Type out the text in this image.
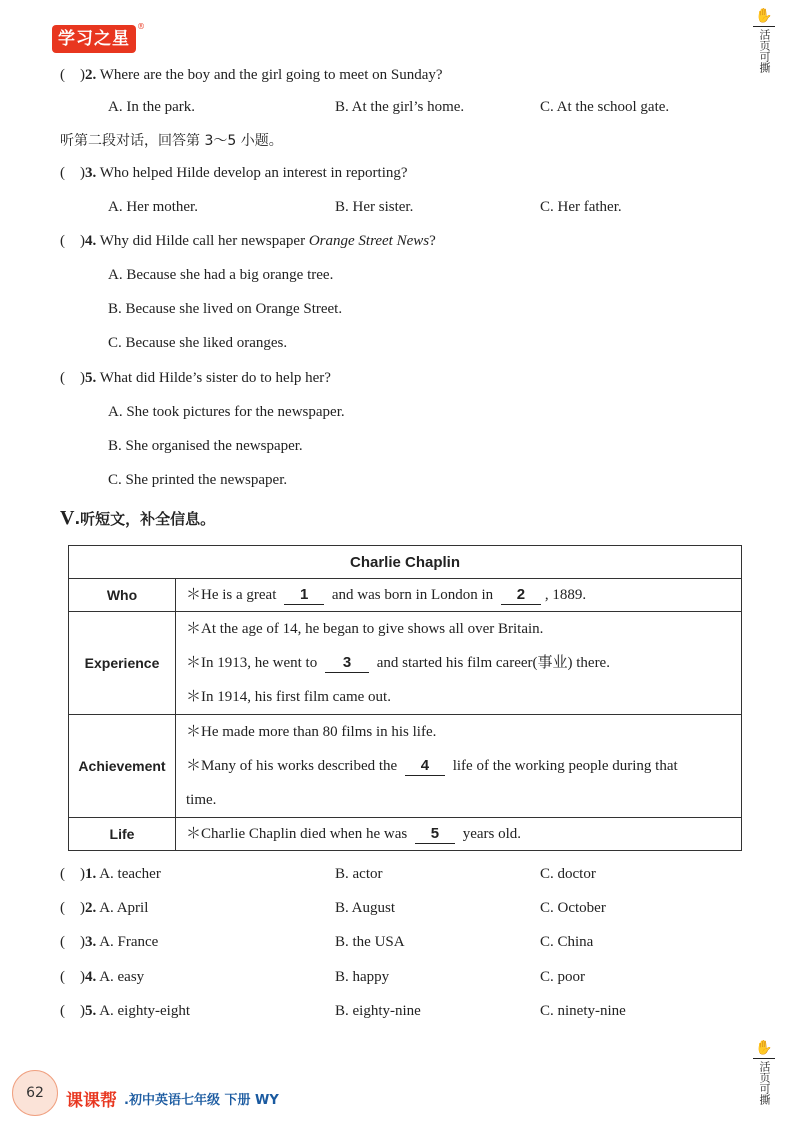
学习之星
®
✋
活页可撕
(　)2. Where are the boy and the girl going to meet on Sunday?
A. In the park.	B. At the girl’s home.	C. At the school gate.
听第二段对话，回答第 3～5 小题。
(　)3. Who helped Hilde develop an interest in reporting?
A. Her mother.	B. Her sister.	C. Her father.
(　)4. Why did Hilde call her newspaper Orange Street News?
A. Because she had a big orange tree.
B. Because she lived on Orange Street.
C. Because she liked oranges.
(　)5. What did Hilde’s sister do to help her?
A. She took pictures for the newspaper.
B. She organised the newspaper.
C. She printed the newspaper.
V.听短文，补全信息。
Charlie Chaplin	
Who	＊He is a great 1 and was born in London in 2 , 1889.

Experience	＊At the age of 14, he began to give shows all over Britain.
＊In 1913, he went to 3 and started his film career(事业) there.
＊In 1914, his first film came out.

Achievement	＊He made more than 80 films in his life.
＊Many of his works described the 4 life of the working people during that
time.

Life	＊Charlie Chaplin died when he was 5 years old.
(　)1. A. teacher	B. actor	C. doctor
(　)2. A. April	B. August	C. October
(　)3. A. France	B. the USA	C. China
(　)4. A. easy	B. happy	C. poor
(　)5. A. eighty-eight	B. eighty-nine	C. ninety-nine
✋
活页可撕
62	课课帮 .初中英语七年级 下册 WY
